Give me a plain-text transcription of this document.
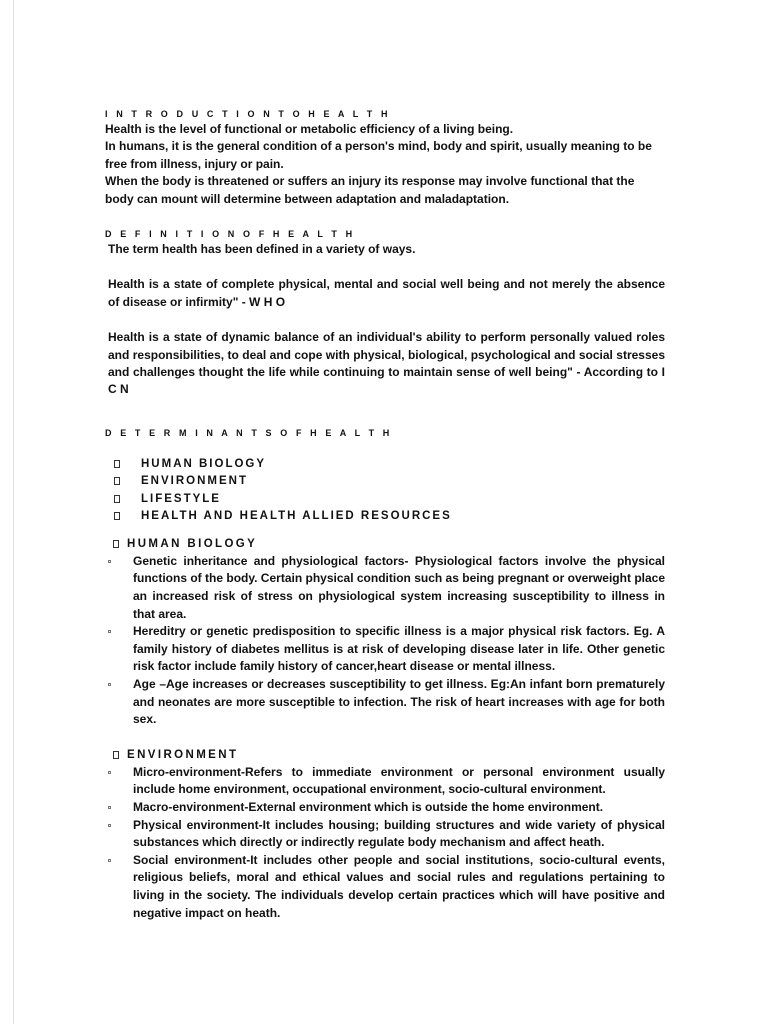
I N T R O D U C T I O N T O H E A L T H

Health is the level of functional or metabolic efficiency of a living being.

In humans, it is the general condition of a person's mind, body and spirit, usually meaning to be free from illness, injury or pain.

When the body is threatened or suffers an injury its response may involve functional that the body can mount will determine between adaptation and maladaptation.

D E F I N I T I O N O F H E A L T H

The term health has been defined in a variety of ways.

Health is a state of complete physical, mental and social well being and not merely the absence of disease or infirmity" - W H O

Health is a state of dynamic balance of an individual's ability to perform personally valued roles and responsibilities, to deal and cope with physical, biological, psychological and social stresses and challenges thought the life while continuing to maintain sense of well being" - According to I C N

D E T E R M I N A N T S O F H E A L T H

HUMAN BIOLOGY
ENVIRONMENT
LIFESTYLE
HEALTH AND HEALTH ALLIED RESOURCES

HUMAN BIOLOGY

Genetic inheritance and physiological factors- Physiological factors involve the physical functions of the body. Certain physical condition such as being pregnant or overweight place an increased risk of stress on physiological system increasing susceptibility to illness in that area.
Hereditry or genetic predisposition to specific illness is a major physical risk factors. Eg. A family history of diabetes mellitus is at risk of developing disease later in life. Other genetic risk factor include family history of cancer,heart disease or mental illness.
Age –Age increases or decreases susceptibility to get illness. Eg:An infant born prematurely and neonates are more susceptible to infection. The risk of heart increases with age for both sex.

ENVIRONMENT

Micro-environment-Refers to immediate environment or personal environment usually include home environment, occupational environment, socio-cultural environment.
Macro-environment-External environment which is outside the home environment.
Physical environment-It includes housing; building structures and wide variety of physical substances which directly or indirectly regulate body mechanism and affect heath.
Social environment-It includes other people and social institutions, socio-cultural events, religious beliefs, moral and ethical values and social rules and regulations pertaining to living in the society. The individuals develop certain practices which will have positive and negative impact on heath.
